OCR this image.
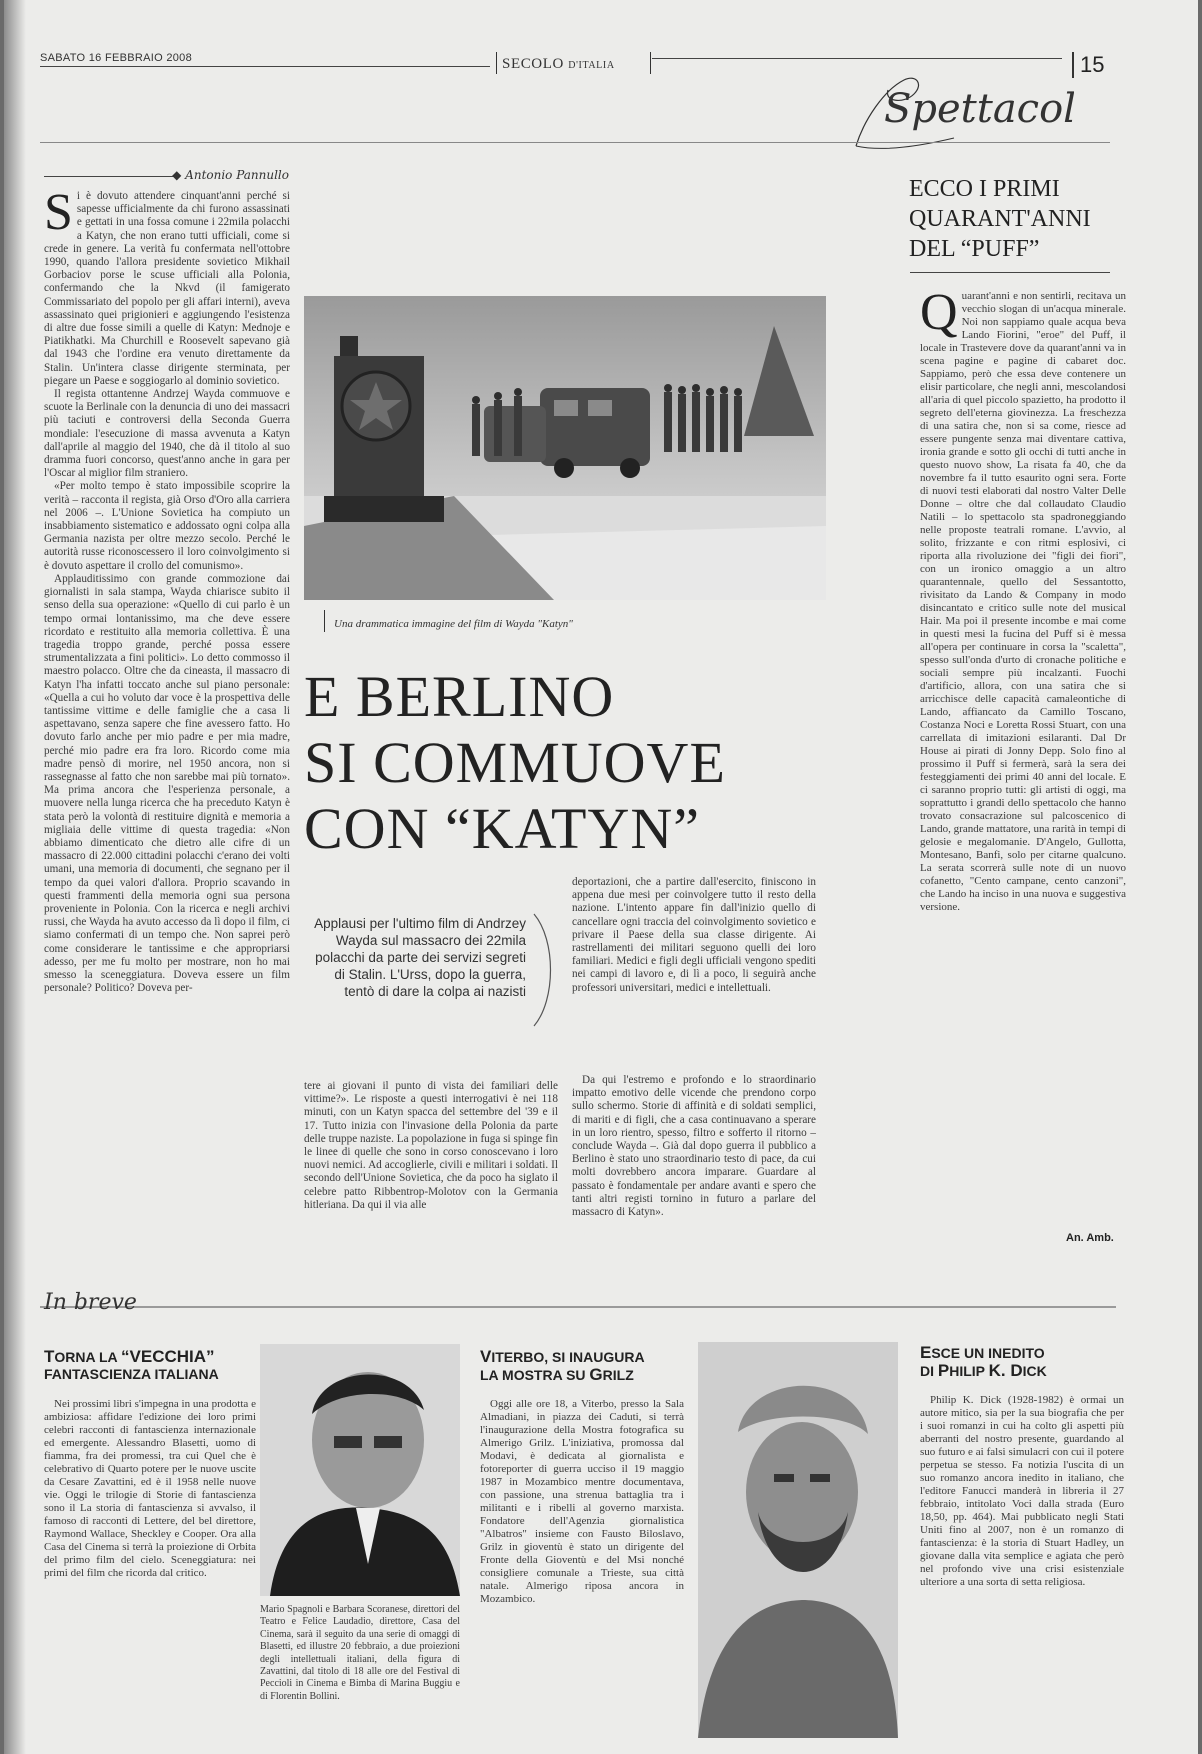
SABATO 16 FEBBRAIO 2008	SECOLO D'ITALIA
Spettacoli
15
◆ Antonio Pannullo

Si è dovuto attendere cinquant'anni perché si sapesse ufficialmente da chi furono assassinati e gettati in una fossa comune i 22mila polacchi a Katyn, che non erano tutti ufficiali, come si crede in genere. La verità fu confermata nell'ottobre 1990, quando l'allora presidente sovietico Mikhail Gorbaciov porse le scuse ufficiali alla Polonia, confermando che la Nkvd (il famigerato Commissariato del popolo per gli affari interni), aveva assassinato quei prigionieri e aggiungendo l'esistenza di altre due fosse simili a quelle di Katyn: Mednoje e Piatikhatki. Ma Churchill e Roosevelt sapevano già dal 1943 che l'ordine era venuto direttamente da Stalin. Un'intera classe dirigente sterminata, per piegare un Paese e soggiogarlo al dominio sovietico.

Il regista ottantenne Andrzej Wayda commuove e scuote la Berlinale con la denuncia di uno dei massacri più taciuti e controversi della Seconda Guerra mondiale: l'esecuzione di massa avvenuta a Katyn dall'aprile al maggio del 1940, che dà il titolo al suo dramma fuori concorso, quest'anno anche in gara per l'Oscar al miglior film straniero.

«Per molto tempo è stato impossibile scoprire la verità – racconta il regista, già Orso d'Oro alla carriera nel 2006 –. L'Unione Sovietica ha compiuto un insabbiamento sistematico e addossato ogni colpa alla Germania nazista per oltre mezzo secolo. Perché le autorità russe riconoscessero il loro coinvolgimento si è dovuto aspettare il crollo del comunismo».

Applauditissimo con grande commozione dai giornalisti in sala stampa, Wayda chiarisce subito il senso della sua operazione: «Quello di cui parlo è un tempo ormai lontanissimo, ma che deve essere ricordato e restituito alla memoria collettiva. È una tragedia troppo grande, perché possa essere strumentalizzata a fini politici». Lo detto commosso il maestro polacco. Oltre che da cineasta, il massacro di Katyn l'ha infatti toccato anche sul piano personale: «Quella a cui ho voluto dar voce è la prospettiva delle tantissime vittime e delle famiglie che a casa li aspettavano, senza sapere che fine avessero fatto. Ho dovuto farlo anche per mio padre e per mia madre, perché mio padre era fra loro. Ricordo come mia madre pensò di morire, nel 1950 ancora, non si rassegnasse al fatto che non sarebbe mai più tornato». Ma prima ancora che l'esperienza personale, a muovere nella lunga ricerca che ha preceduto Katyn è stata però la volontà di restituire dignità e memoria a migliaia delle vittime di questa tragedia: «Non abbiamo dimenticato che dietro alle cifre di un massacro di 22.000 cittadini polacchi c'erano dei volti umani, una memoria di documenti, che segnano per il tempo da quei valori d'allora. Proprio scavando in questi frammenti della memoria ogni sua persona proveniente in Polonia. Con la ricerca e negli archivi russi, che Wayda ha avuto accesso da lì dopo il film, ci siamo confermati di un tempo che. Non saprei però come considerare le tantissime e che appropriarsi adesso, per me fu molto per mostrare, non ho mai smesso la sceneggiatura. Doveva essere un film personale? Politico? Doveva per-

Una drammatica immagine del film di Wayda "Katyn"
E BERLINO
SI COMMUOVE
CON “KATYN”
Applausi per l'ultimo film di Andrzey Wayda sul massacro dei 22mila polacchi da parte dei servizi segreti di Stalin. L'Urss, dopo la guerra, tentò di dare la colpa ai nazisti

deportazioni, che a partire dall'esercito, finiscono in appena due mesi per coinvolgere tutto il resto della nazione. L'intento appare fin dall'inizio quello di cancellare ogni traccia del coinvolgimento sovietico e privare il Paese della sua classe dirigente. Ai rastrellamenti dei militari seguono quelli dei loro familiari. Medici e figli degli ufficiali vengono spediti nei campi di lavoro e, di lì a poco, li seguirà anche professori universitari, medici e intellettuali.

tere ai giovani il punto di vista dei familiari delle vittime?». Le risposte a questi interrogativi è nei 118 minuti, con un Katyn spacca del settembre del '39 e il 17. Tutto inizia con l'invasione della Polonia da parte delle truppe naziste. La popolazione in fuga si spinge fin le linee di quelle che sono in corso conoscevano i loro nuovi nemici. Ad accoglierle, civili e militari i soldati. Il secondo dell'Unione Sovietica, che da poco ha siglato il celebre patto Ribbentrop-Molotov con la Germania hitleriana. Da qui il via alle

Da qui l'estremo e profondo e lo straordinario impatto emotivo delle vicende che prendono corpo sullo schermo. Storie di affinità e di soldati semplici, di mariti e di figli, che a casa continuavano a sperare in un loro rientro, spesso, filtro e sofferto il ritorno – conclude Wayda –. Già dal dopo guerra il pubblico a Berlino è stato uno straordinario testo di pace, da cui molti dovrebbero ancora imparare. Guardare al passato è fondamentale per andare avanti e spero che tanti altri registi tornino in futuro a parlare del massacro di Katyn».

ECCO I PRIMI
QUARANT'ANNI
DEL “PUFF”

Quarant'anni e non sentirli, recitava un vecchio slogan di un'acqua minerale. Noi non sappiamo quale acqua beva Lando Fiorini, "eroe" del Puff, il locale in Trastevere dove da quarant'anni va in scena pagine e pagine di cabaret doc. Sappiamo, però che essa deve contenere un elisir particolare, che negli anni, mescolandosi all'aria di quel piccolo spazietto, ha prodotto il segreto dell'eterna giovinezza. La freschezza di una satira che, non si sa come, riesce ad essere pungente senza mai diventare cattiva, ironia grande e sotto gli occhi di tutti anche in questo nuovo show, La risata fa 40, che da novembre fa il tutto esaurito ogni sera. Forte di nuovi testi elaborati dal nostro Valter Delle Donne – oltre che dal collaudato Claudio Natili – lo spettacolo sta spadroneggiando nelle proposte teatrali romane. L'avvio, al solito, frizzante e con ritmi esplosivi, ci riporta alla rivoluzione dei "figli dei fiori", con un ironico omaggio a un altro quarantennale, quello del Sessantotto, rivisitato da Lando & Company in modo disincantato e critico sulle note del musical Hair. Ma poi il presente incombe e mai come in questi mesi la fucina del Puff si è messa all'opera per continuare in corsa la "scaletta", spesso sull'onda d'urto di cronache politiche e sociali sempre più incalzanti. Fuochi d'artificio, allora, con una satira che si arricchisce delle capacità camaleontiche di Lando, affiancato da Camillo Toscano, Costanza Noci e Loretta Rossi Stuart, con una carrellata di imitazioni esilaranti. Dal Dr House ai pirati di Jonny Depp. Solo fino al prossimo il Puff si fermerà, sarà la sera dei festeggiamenti dei primi 40 anni del locale. E ci saranno proprio tutti: gli artisti di oggi, ma soprattutto i grandi dello spettacolo che hanno trovato consacrazione sul palcoscenico di Lando, grande mattatore, una rarità in tempi di gelosie e megalomanie. D'Angelo, Gullotta, Montesano, Banfi, solo per citarne qualcuno. La serata scorrerà sulle note di un nuovo cofanetto, "Cento campane, cento canzoni", che Lando ha inciso in una nuova e suggestiva versione.

An. Amb.
In breve
TORNA LA “VECCHIA”
FANTASCIENZA ITALIANA

Nei prossimi libri s'impegna in una prodotta e ambiziosa: affidare l'edizione dei loro primi celebri racconti di fantascienza internazionale ed emergente. Alessandro Blasetti, uomo di fiamma, fra dei promessi, tra cui Quel che è celebrativo di Quarto potere per le nuove uscite da Cesare Zavattini, ed è il 1958 nelle nuove vie. Oggi le trilogie di Storie di fantascienza sono il La storia di fantascienza si avvalso, il famoso di racconti di Lettere, del bel direttore, Raymond Wallace, Sheckley e Cooper. Ora alla Casa del Cinema si terrà la proiezione di Orbita del primo film del cielo. Sceneggiatura: nei primi del film che ricorda dal critico.

Mario Spagnoli e Barbara Scoranese, direttori del Teatro e Felice Laudadio, direttore, Casa del Cinema, sarà il seguito da una serie di omaggi di Blasetti, ed illustre 20 febbraio, a due proiezioni degli intellettuali italiani, della figura di Zavattini, dal titolo di 18 alle ore del Festival di Peccioli in Cinema e Bimba di Marina Buggiu e di Florentin Bollini.

VITERBO, SI INAUGURA
LA MOSTRA SU GRILZ

Oggi alle ore 18, a Viterbo, presso la Sala Almadiani, in piazza dei Caduti, si terrà l'inaugurazione della Mostra fotografica su Almerigo Grilz. L'iniziativa, promossa dal Modavi, è dedicata al giornalista e fotoreporter di guerra ucciso il 19 maggio 1987 in Mozambico mentre documentava, con passione, una strenua battaglia tra i militanti e i ribelli al governo marxista. Fondatore dell'Agenzia giornalistica "Albatros" insieme con Fausto Biloslavo, Grilz in gioventù è stato un dirigente del Fronte della Gioventù e del Msi nonché consigliere comunale a Trieste, sua città natale. Almerigo riposa ancora in Mozambico.

ESCE UN INEDITO
DI PHILIP K. DICK

Philip K. Dick (1928-1982) è ormai un autore mitico, sia per la sua biografia che per i suoi romanzi in cui ha colto gli aspetti più aberranti del nostro presente, guardando al suo futuro e ai falsi simulacri con cui il potere perpetua se stesso. Fa notizia l'uscita di un suo romanzo ancora inedito in italiano, che l'editore Fanucci manderà in libreria il 27 febbraio, intitolato Voci dalla strada (Euro 18,50, pp. 464). Mai pubblicato negli Stati Uniti fino al 2007, non è un romanzo di fantascienza: è la storia di Stuart Hadley, un giovane dalla vita semplice e agiata che però nel profondo vive una crisi esistenziale ulteriore a una sorta di setta religiosa.
